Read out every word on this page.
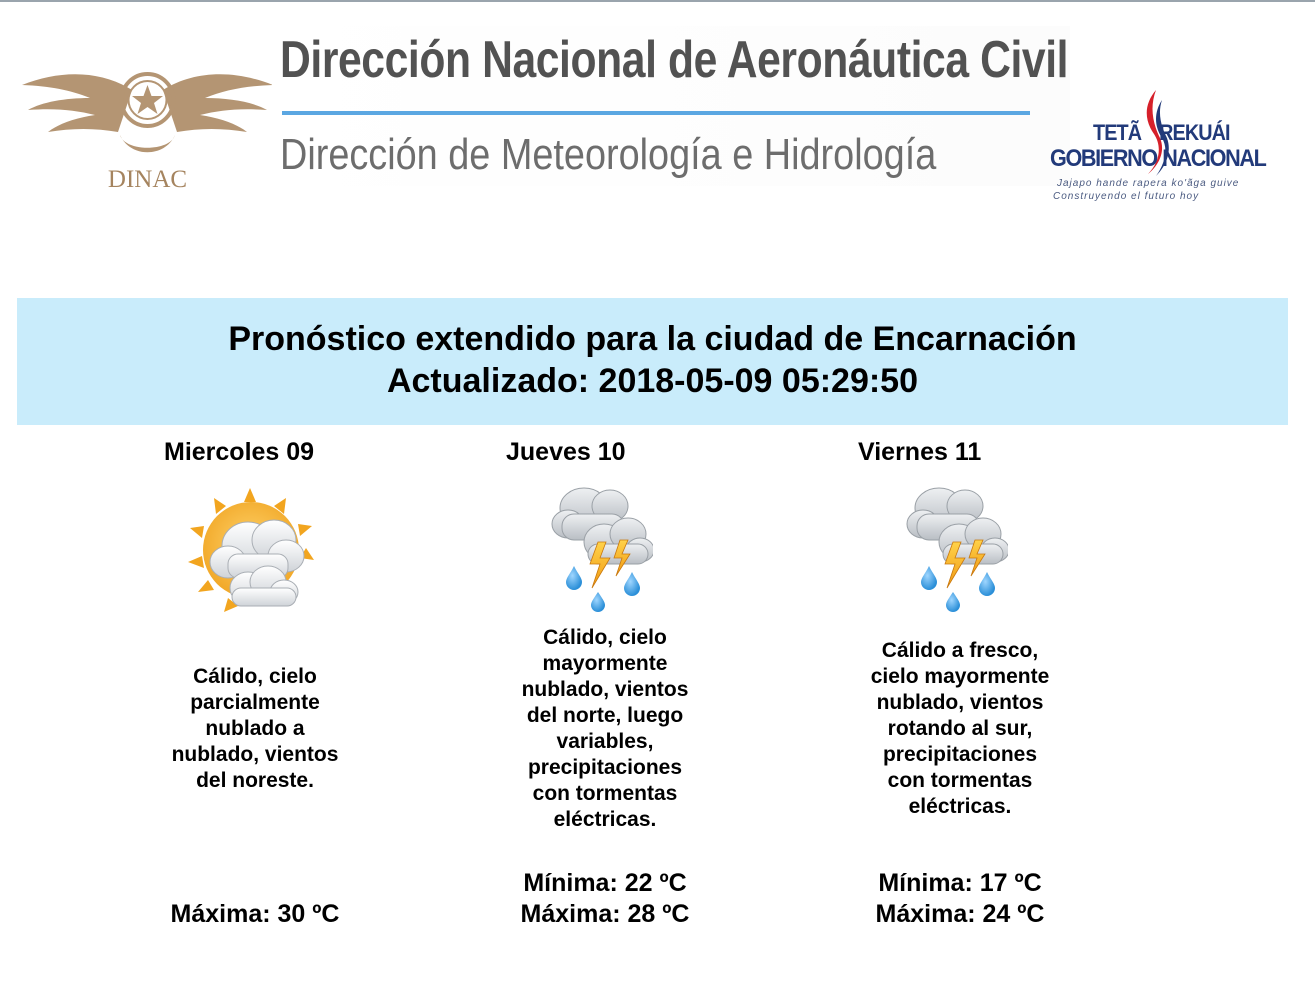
DINAC
Dirección Nacional de Aeronáutica Civil
Dirección de Meteorología e Hidrología	TETÃ REKUÁI
GOBIERNO NACIONAL
Jajapo hande rapera ko'ãga guive
Construyendo el futuro hoy
Pronóstico extendido para la ciudad de Encarnación
Actualizado: 2018-05-09 05:29:50
Miercoles 09
Cálido, cielo
parcialmente
nublado a
nublado, vientos
del noreste.
Máxima: 30 ºC
Jueves 10
Cálido, cielo
mayormente
nublado, vientos
del norte, luego
variables,
precipitaciones
con tormentas
eléctricas.
Mínima: 22 ºC
Máxima: 28 ºC
Viernes 11
Cálido a fresco,
cielo mayormente
nublado, vientos
rotando al sur,
precipitaciones
con tormentas
eléctricas.
Mínima: 17 ºC
Máxima: 24 ºC
